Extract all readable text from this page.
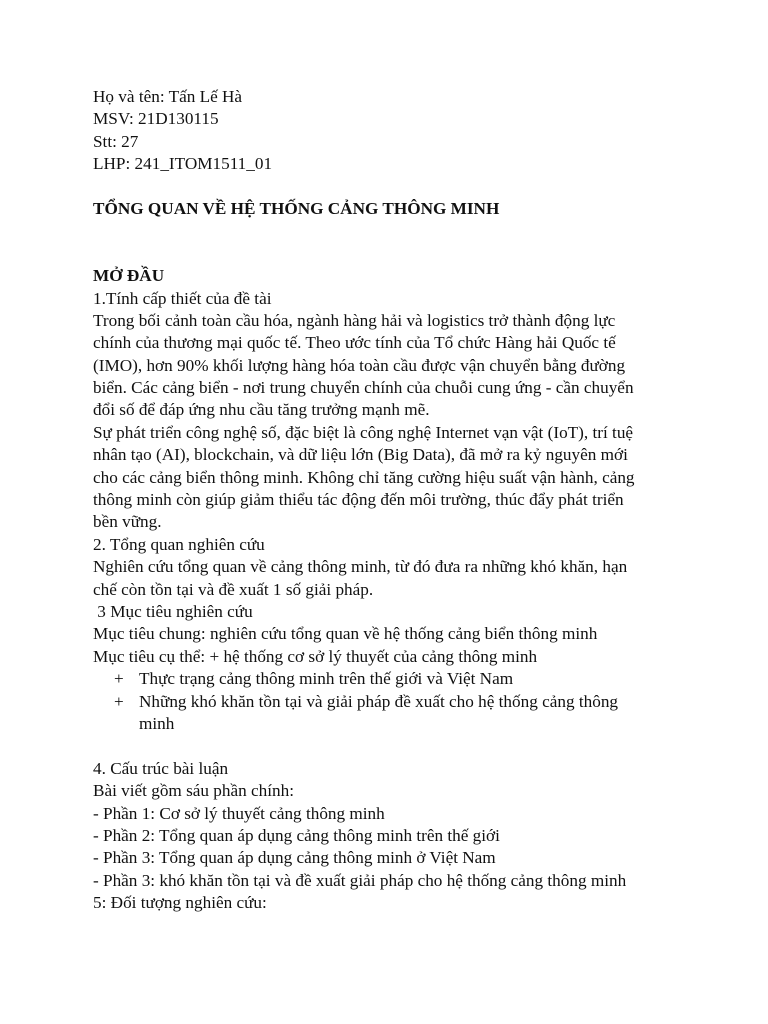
Họ và tên: Tấn Lế Hà
MSV: 21D130115
Stt: 27
LHP: 241_ITOM1511_01
TỔNG QUAN VỀ HỆ THỐNG CẢNG THÔNG MINH
MỞ ĐẦU
1.Tính cấp thiết của đề tài
Trong bối cảnh toàn cầu hóa, ngành hàng hải và logistics trở thành động lực
chính của thương mại quốc tế. Theo ước tính của Tổ chức Hàng hải Quốc tế
(IMO), hơn 90% khối lượng hàng hóa toàn cầu được vận chuyển bằng đường
biển. Các cảng biển - nơi trung chuyển chính của chuỗi cung ứng - cần chuyển
đổi số để đáp ứng nhu cầu tăng trưởng mạnh mẽ.
Sự phát triển công nghệ số, đặc biệt là công nghệ Internet vạn vật (IoT), trí tuệ
nhân tạo (AI), blockchain, và dữ liệu lớn (Big Data), đã mở ra kỷ nguyên mới
cho các cảng biển thông minh. Không chỉ tăng cường hiệu suất vận hành, cảng
thông minh còn giúp giảm thiểu tác động đến môi trường, thúc đẩy phát triển
bền vững.
2. Tổng quan nghiên cứu
Nghiên cứu tổng quan về cảng thông minh, từ đó đưa ra những khó khăn, hạn
chế còn tồn tại và đề xuất 1 số giải pháp.
3 Mục tiêu nghiên cứu
Mục tiêu chung: nghiên cứu tổng quan về hệ thống cảng biển thông minh
Mục tiêu cụ thể: + hệ thống cơ sở lý thuyết của cảng thông minh
+ Thực trạng cảng thông minh trên thế giới và Việt Nam
+ Những khó khăn tồn tại và giải pháp đề xuất cho hệ thống cảng thông
minh
4. Cấu trúc bài luận
Bài viết gồm sáu phần chính:
- Phần 1: Cơ sở lý thuyết cảng thông minh
- Phần 2: Tổng quan áp dụng cảng thông minh trên thế giới
- Phần 3: Tổng quan áp dụng cảng thông minh ở Việt Nam
- Phần 3: khó khăn tồn tại và đề xuất giải pháp cho hệ thống cảng thông minh
5: Đối tượng nghiên cứu:
